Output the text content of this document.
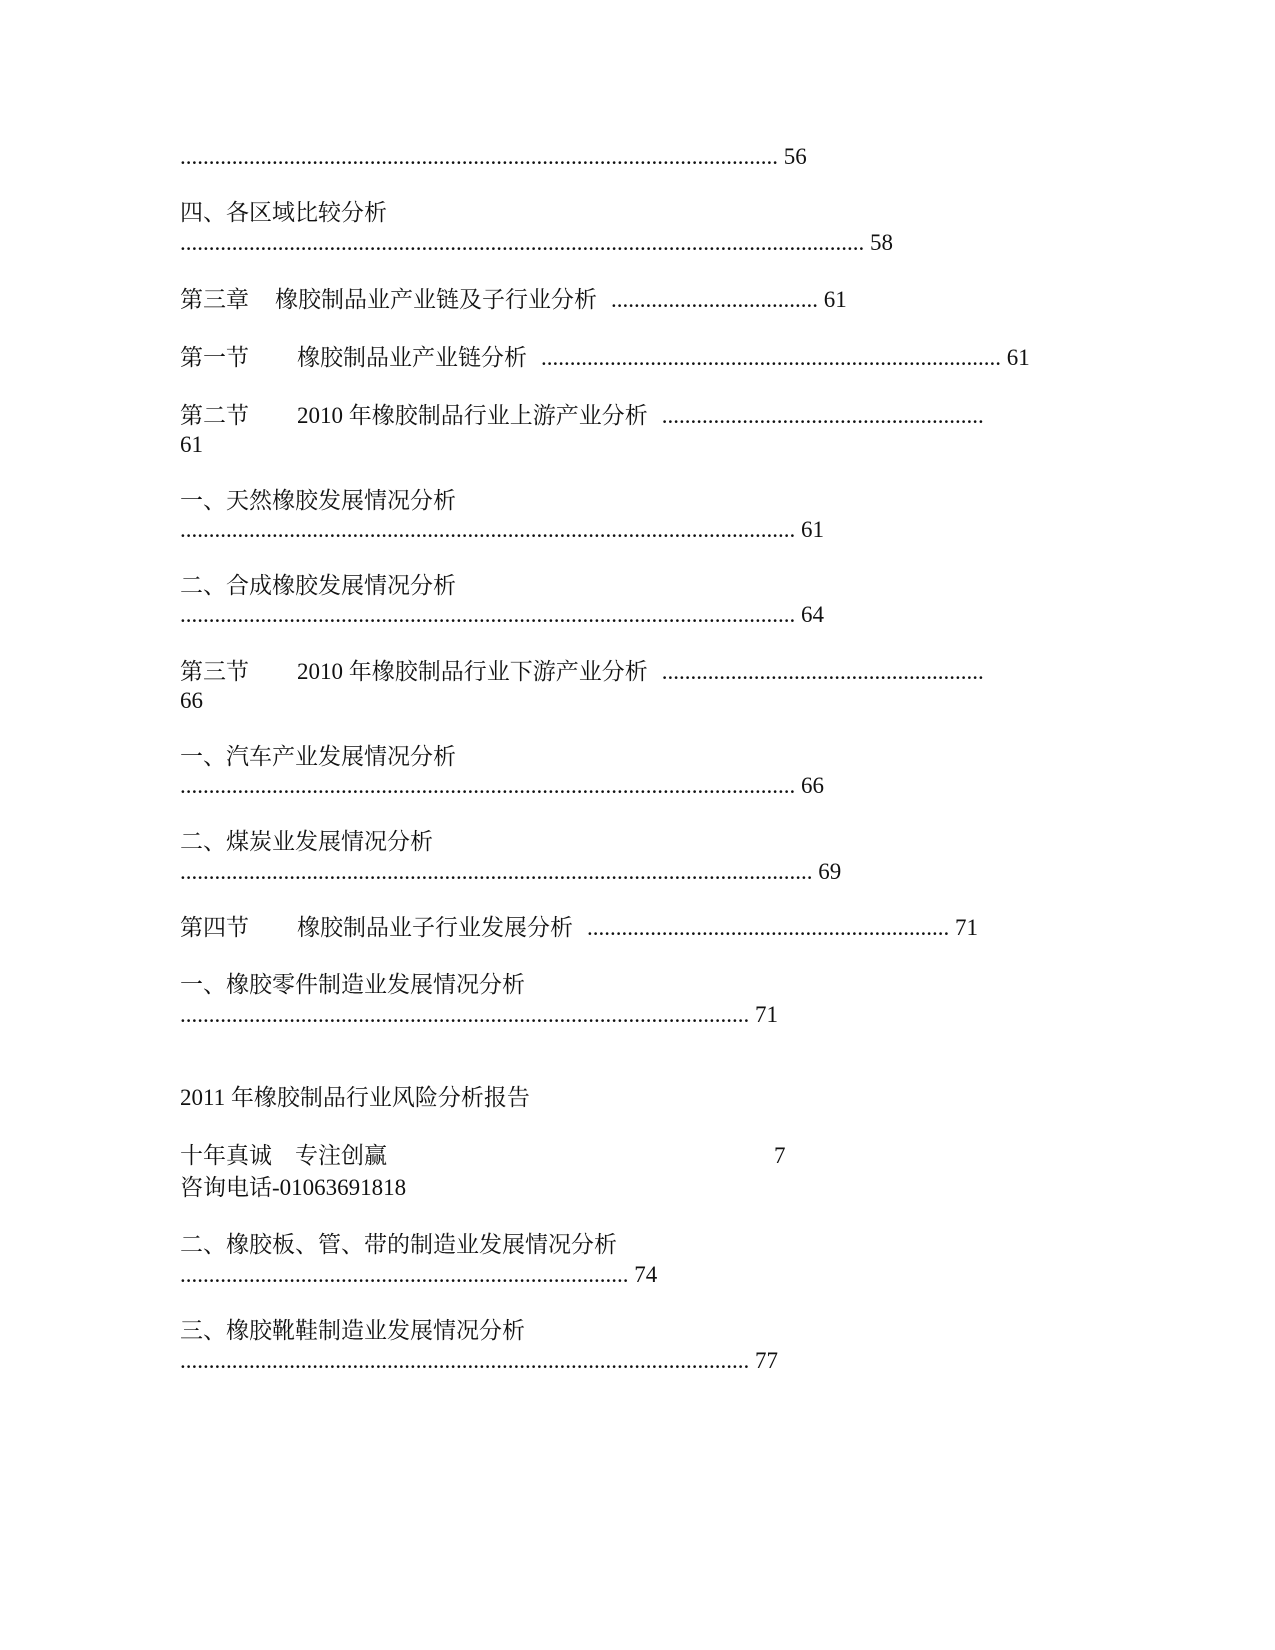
........................................................................................................ 56
四、各区域比较分析
....................................................................................................................... 58
第三章 橡胶制品业产业链及子行业分析 .................................... 61
第一节 橡胶制品业产业链分析 ................................................................................ 61
第二节 2010 年橡胶制品行业上游产业分析 ........................................................
61
一、天然橡胶发展情况分析
........................................................................................................... 61
二、合成橡胶发展情况分析
........................................................................................................... 64
第三节 2010 年橡胶制品行业下游产业分析 ........................................................
66
一、汽车产业发展情况分析
........................................................................................................... 66
二、煤炭业发展情况分析
.............................................................................................................. 69
第四节 橡胶制品业子行业发展分析 ............................................................... 71
一、橡胶零件制造业发展情况分析
................................................................................................... 71
2011 年橡胶制品行业风险分析报告
十年真诚　专注创赢	7
咨询电话-01063691818
二、橡胶板、管、带的制造业发展情况分析
.............................................................................. 74
三、橡胶靴鞋制造业发展情况分析
................................................................................................... 77
